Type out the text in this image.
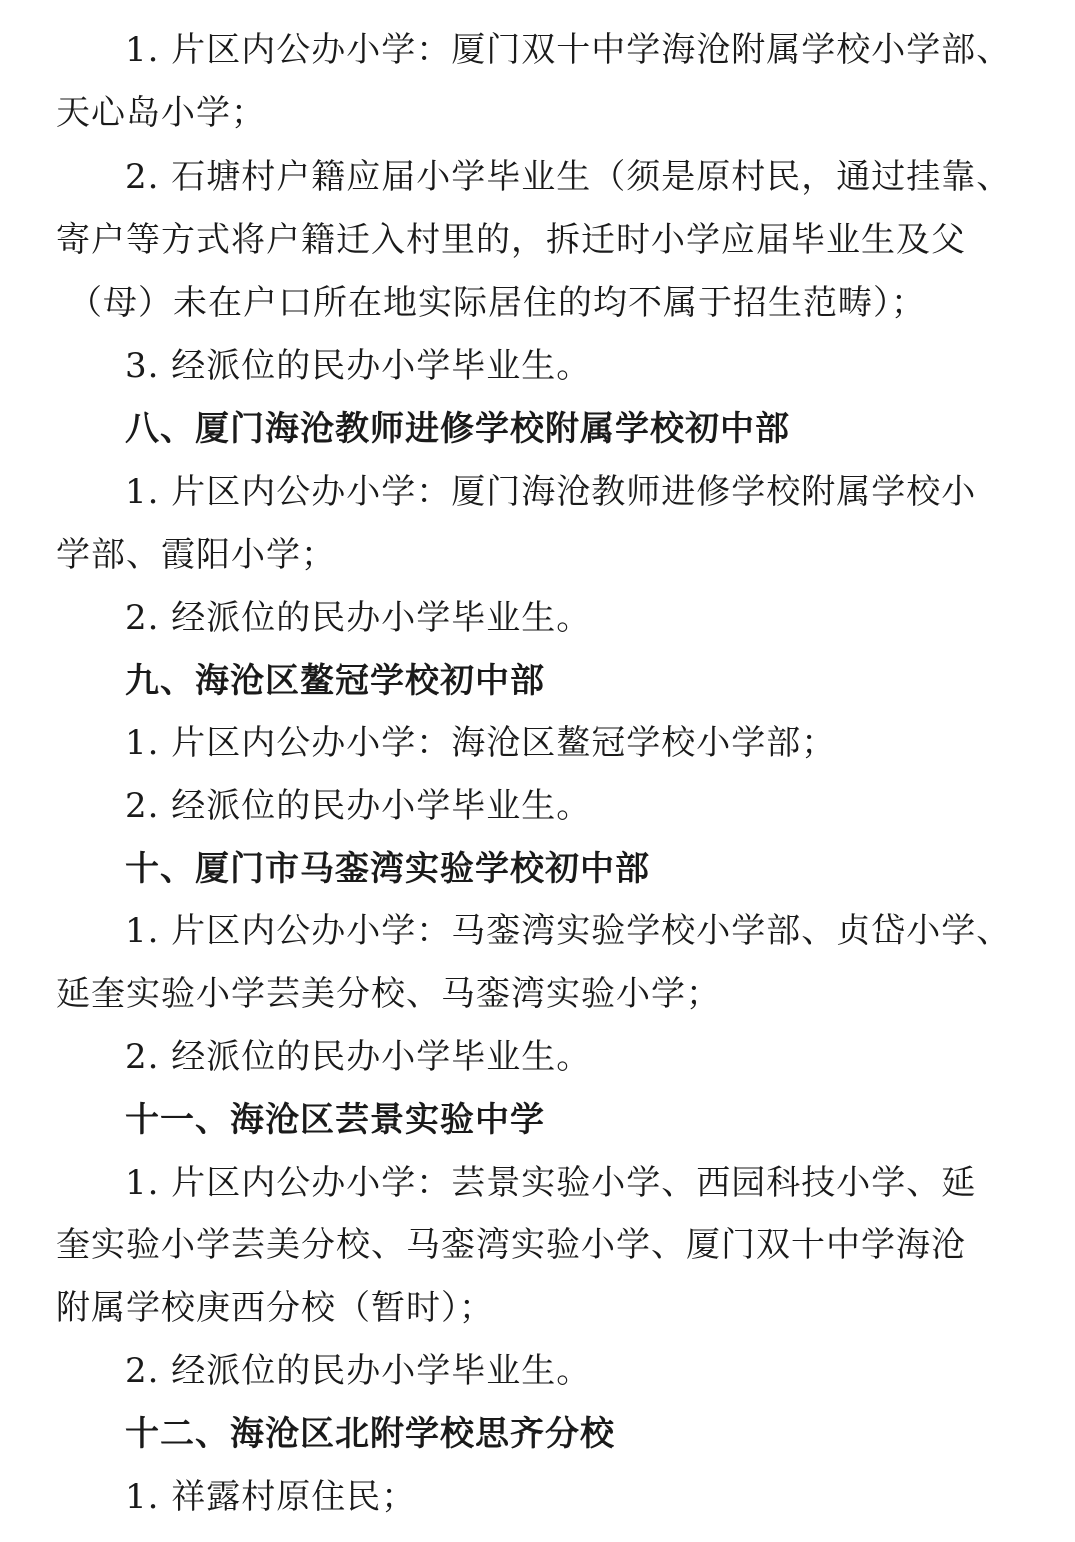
1. 片区内公办小学：厦门双十中学海沧附属学校小学部、
天心岛小学；
2. 石塘村户籍应届小学毕业生（须是原村民，通过挂靠、
寄户等方式将户籍迁入村里的，拆迁时小学应届毕业生及父
（母）未在户口所在地实际居住的均不属于招生范畴）；
3. 经派位的民办小学毕业生。
八、厦门海沧教师进修学校附属学校初中部
1. 片区内公办小学：厦门海沧教师进修学校附属学校小
学部、霞阳小学；
2. 经派位的民办小学毕业生。
九、海沧区鳌冠学校初中部
1. 片区内公办小学：海沧区鳌冠学校小学部；
2. 经派位的民办小学毕业生。
十、厦门市马銮湾实验学校初中部
1. 片区内公办小学：马銮湾实验学校小学部、贞岱小学、
延奎实验小学芸美分校、马銮湾实验小学；
2. 经派位的民办小学毕业生。
十一、海沧区芸景实验中学
1. 片区内公办小学：芸景实验小学、西园科技小学、延
奎实验小学芸美分校、马銮湾实验小学、厦门双十中学海沧
附属学校庚西分校（暂时）；
2. 经派位的民办小学毕业生。
十二、海沧区北附学校思齐分校
1. 祥露村原住民；
